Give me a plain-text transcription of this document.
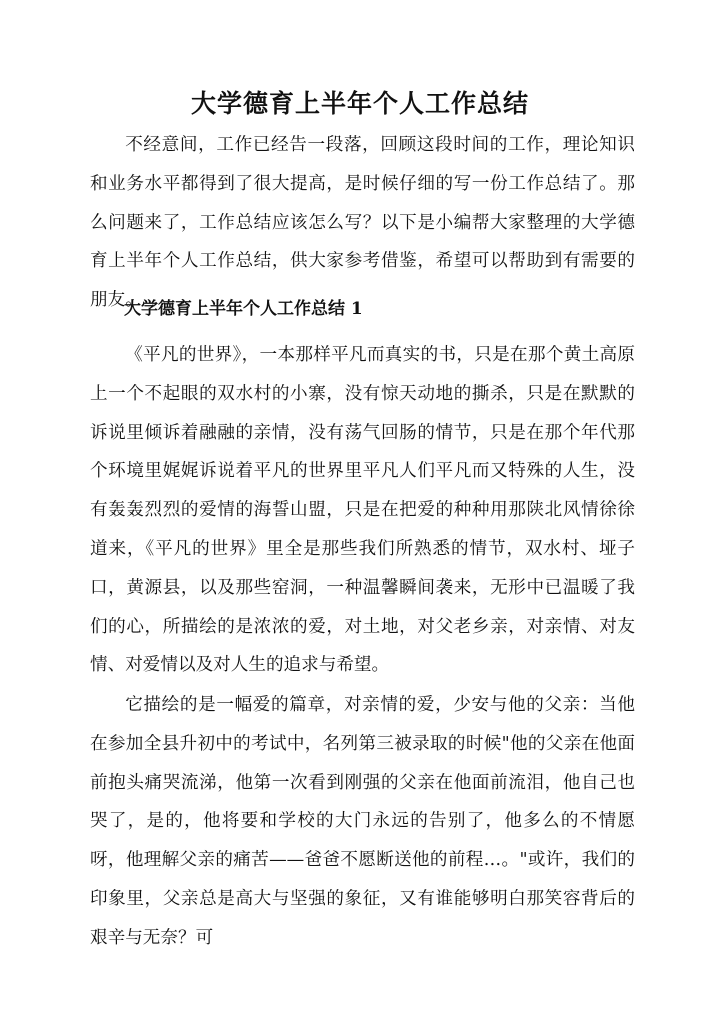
大学德育上半年个人工作总结

不经意间，工作已经告一段落，回顾这段时间的工作，理论知识和业务水平都得到了很大提高，是时候仔细的写一份工作总结了。那么问题来了，工作总结应该怎么写？以下是小编帮大家整理的大学德育上半年个人工作总结，供大家参考借鉴，希望可以帮助到有需要的朋友。

大学德育上半年个人工作总结 1

《平凡的世界》，一本那样平凡而真实的书，只是在那个黄土高原上一个不起眼的双水村的小寨，没有惊天动地的撕杀，只是在默默的诉说里倾诉着融融的亲情，没有荡气回肠的情节，只是在那个年代那个环境里娓娓诉说着平凡的世界里平凡人们平凡而又特殊的人生，没有轰轰烈烈的爱情的海誓山盟，只是在把爱的种种用那陕北风情徐徐道来，《平凡的世界》里全是那些我们所熟悉的情节，双水村、垭子口，黄源县，以及那些窑洞，一种温馨瞬间袭来，无形中已温暖了我们的心，所描绘的是浓浓的爱，对土地，对父老乡亲，对亲情、对友情、对爱情以及对人生的追求与希望。

它描绘的是一幅爱的篇章，对亲情的爱，少安与他的父亲：当他在参加全县升初中的考试中，名列第三被录取的时候"他的父亲在他面前抱头痛哭流涕，他第一次看到刚强的父亲在他面前流泪，他自己也哭了，是的，他将要和学校的大门永远的告别了，他多么的不情愿呀，他理解父亲的痛苦——爸爸不愿断送他的前程…。"或许，我们的印象里，父亲总是高大与坚强的象征，又有谁能够明白那笑容背后的艰辛与无奈？可
